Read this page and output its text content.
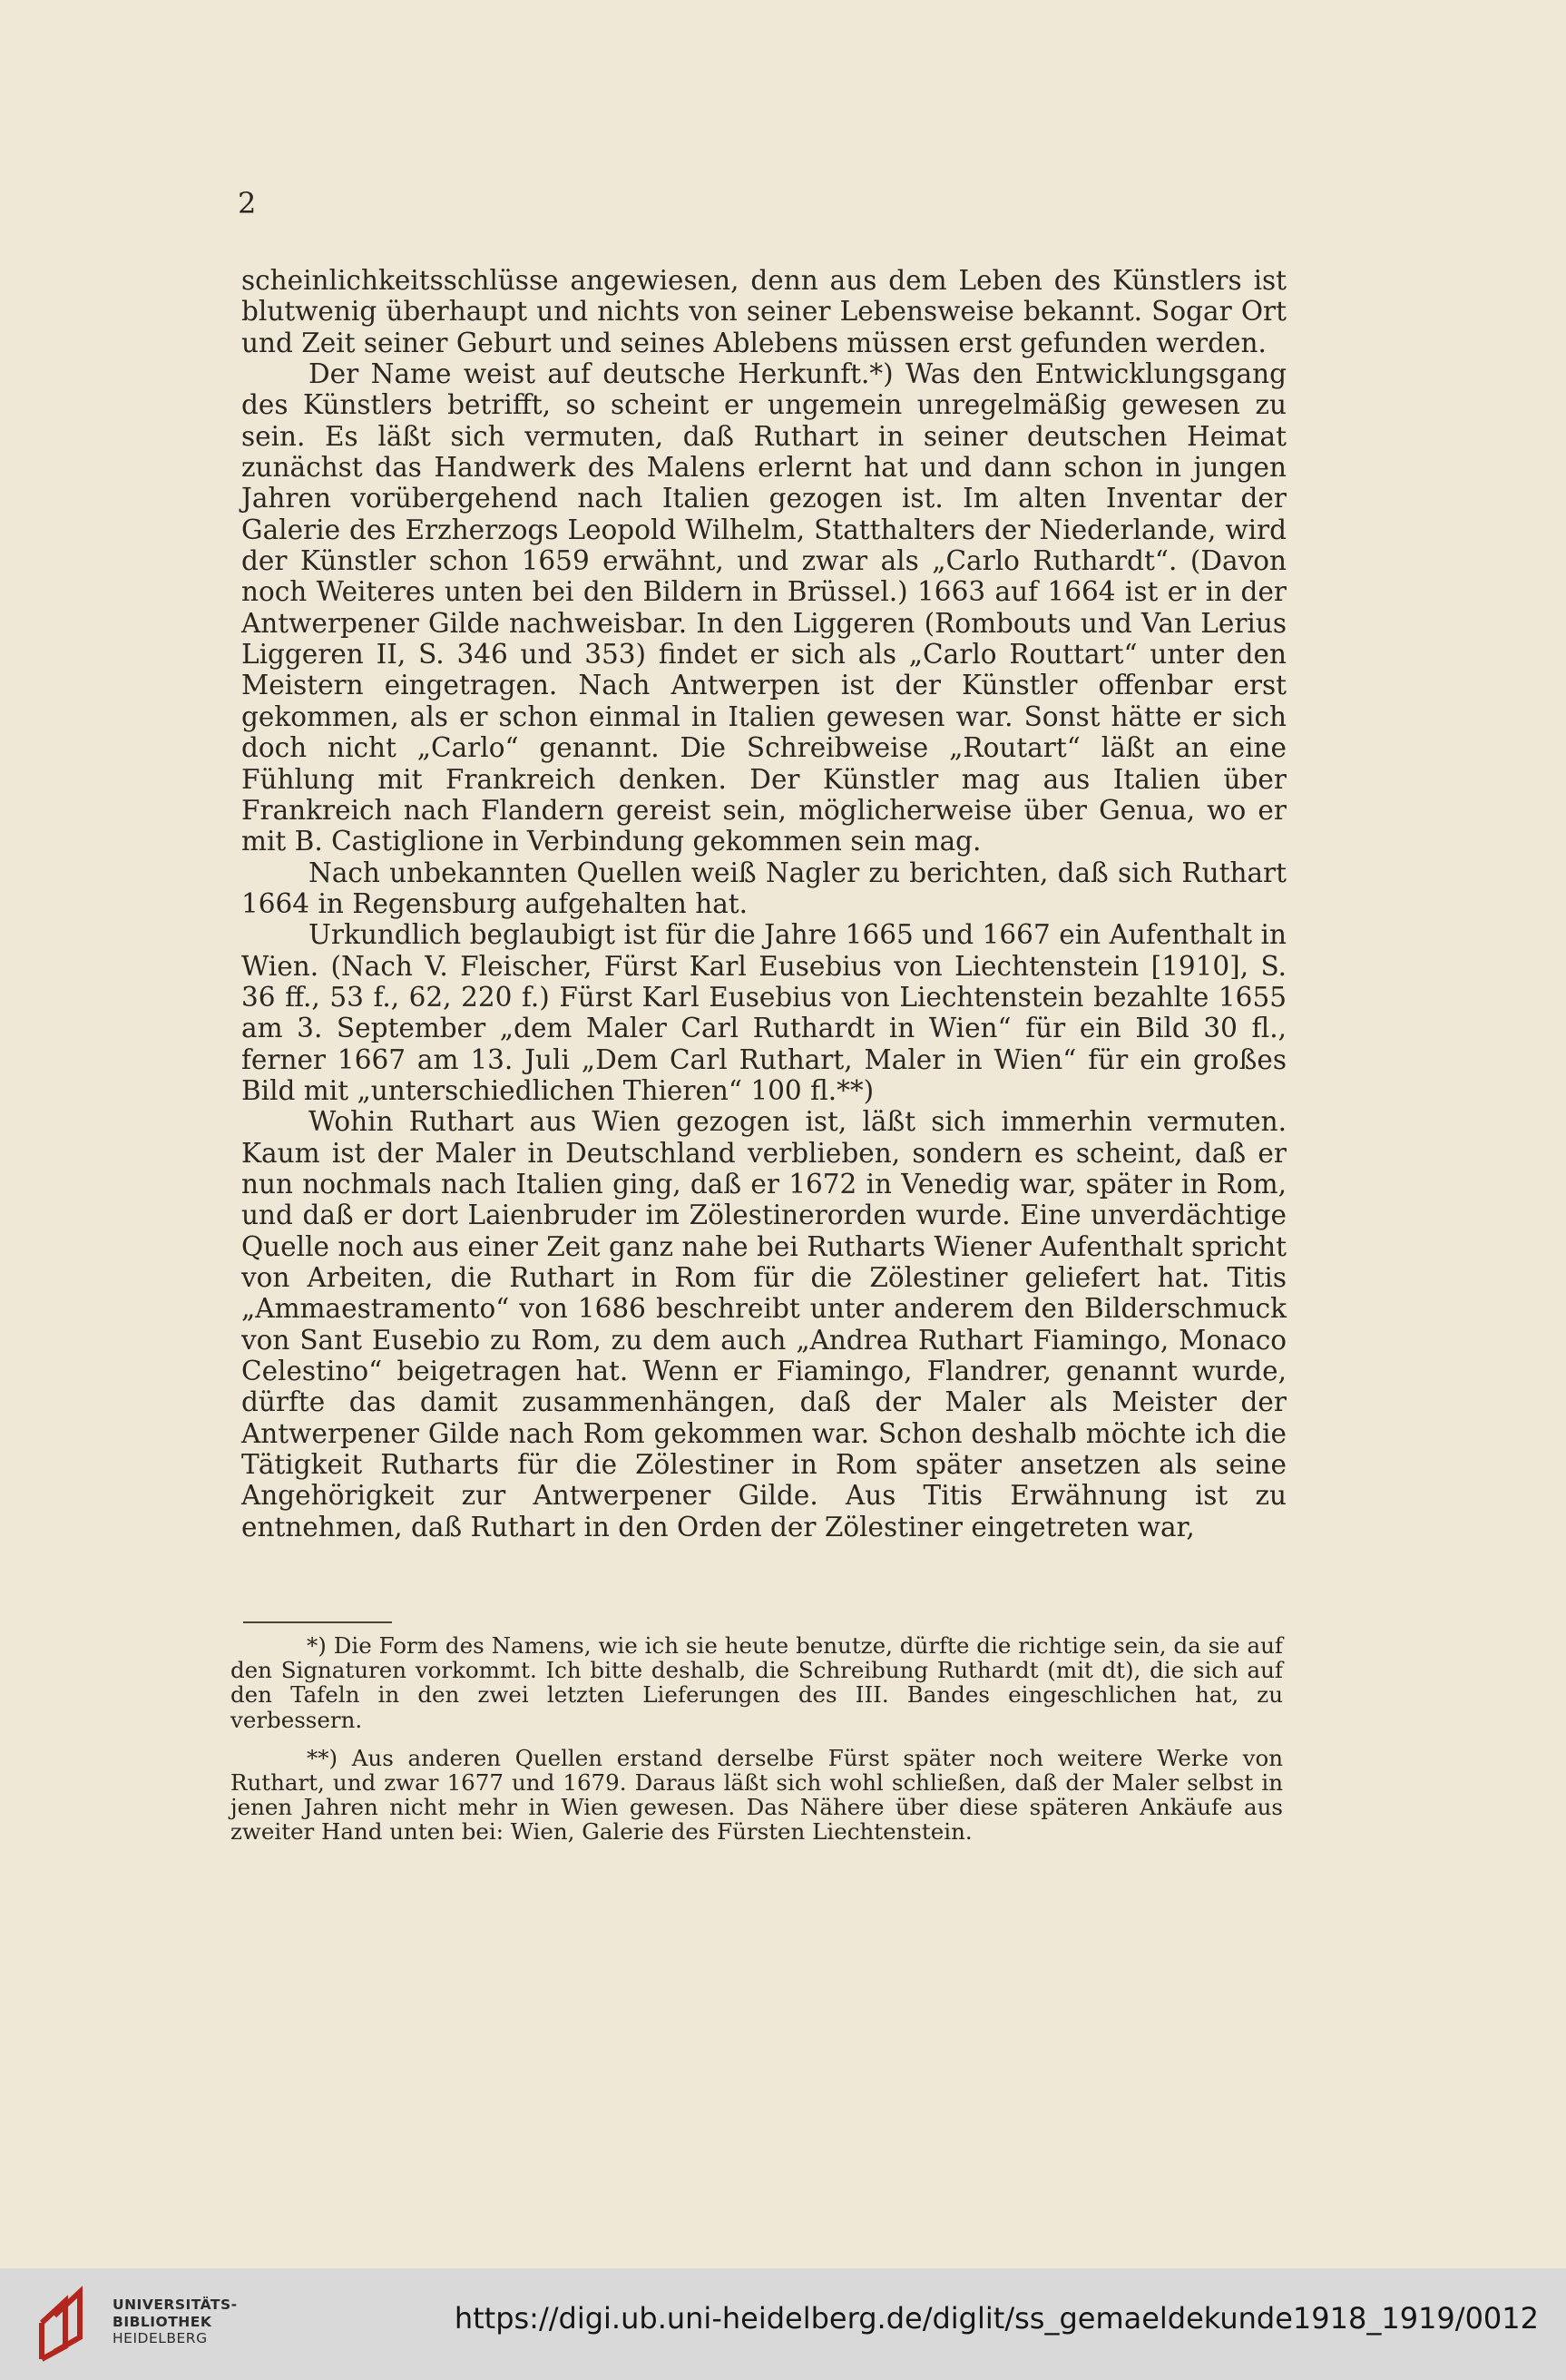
2

scheinlichkeitsschlüsse angewiesen, denn aus dem Leben des Künstlers ist blutwenig überhaupt und nichts von seiner Lebensweise bekannt. Sogar Ort und Zeit seiner Geburt und seines Ablebens müssen erst gefunden werden.

Der Name weist auf deutsche Herkunft.*) Was den Entwicklungsgang des Künstlers betrifft, so scheint er ungemein unregelmäßig gewesen zu sein. Es läßt sich vermuten, daß Ruthart in seiner deutschen Heimat zunächst das Handwerk des Malens erlernt hat und dann schon in jungen Jahren vorübergehend nach Italien gezogen ist. Im alten Inventar der Galerie des Erzherzogs Leopold Wilhelm, Statthalters der Niederlande, wird der Künstler schon 1659 erwähnt, und zwar als „Carlo Ruthardt“. (Davon noch Weiteres unten bei den Bildern in Brüssel.) 1663 auf 1664 ist er in der Antwerpener Gilde nachweisbar. In den Liggeren (Rombouts und Van Lerius Liggeren II, S. 346 und 353) findet er sich als „Carlo Routtart“ unter den Meistern eingetragen. Nach Antwerpen ist der Künstler offenbar erst gekommen, als er schon einmal in Italien gewesen war. Sonst hätte er sich doch nicht „Carlo“ genannt. Die Schreibweise „Routart“ läßt an eine Fühlung mit Frankreich denken. Der Künstler mag aus Italien über Frankreich nach Flandern gereist sein, möglicherweise über Genua, wo er mit B. Castiglione in Verbindung gekommen sein mag.

Nach unbekannten Quellen weiß Nagler zu berichten, daß sich Ruthart 1664 in Regensburg aufgehalten hat.

Urkundlich beglaubigt ist für die Jahre 1665 und 1667 ein Aufenthalt in Wien. (Nach V. Fleischer, Fürst Karl Eusebius von Liechtenstein [1910], S. 36 ff., 53 f., 62, 220 f.) Fürst Karl Eusebius von Liechtenstein bezahlte 1655 am 3. September „dem Maler Carl Ruthardt in Wien“ für ein Bild 30 fl., ferner 1667 am 13. Juli „Dem Carl Ruthart, Maler in Wien“ für ein großes Bild mit „unterschiedlichen Thieren“ 100 fl.**)

Wohin Ruthart aus Wien gezogen ist, läßt sich immerhin vermuten. Kaum ist der Maler in Deutschland verblieben, sondern es scheint, daß er nun nochmals nach Italien ging, daß er 1672 in Venedig war, später in Rom, und daß er dort Laienbruder im Zölestinerorden wurde. Eine unverdächtige Quelle noch aus einer Zeit ganz nahe bei Rutharts Wiener Aufenthalt spricht von Arbeiten, die Ruthart in Rom für die Zölestiner geliefert hat. Titis „Ammaestramento“ von 1686 beschreibt unter anderem den Bilderschmuck von Sant Eusebio zu Rom, zu dem auch „Andrea Ruthart Fiamingo, Monaco Celestino“ beigetragen hat. Wenn er Fiamingo, Flandrer, genannt wurde, dürfte das damit zusammenhängen, daß der Maler als Meister der Antwerpener Gilde nach Rom gekommen war. Schon deshalb möchte ich die Tätigkeit Rutharts für die Zölestiner in Rom später ansetzen als seine Angehörigkeit zur Antwerpener Gilde. Aus Titis Erwähnung ist zu entnehmen, daß Ruthart in den Orden der Zölestiner eingetreten war,

*) Die Form des Namens, wie ich sie heute benutze, dürfte die richtige sein, da sie auf den Signaturen vorkommt. Ich bitte deshalb, die Schreibung Ruthardt (mit dt), die sich auf den Tafeln in den zwei letzten Lieferungen des III. Bandes eingeschlichen hat, zu verbessern.

**) Aus anderen Quellen erstand derselbe Fürst später noch weitere Werke von Ruthart, und zwar 1677 und 1679. Daraus läßt sich wohl schließen, daß der Maler selbst in jenen Jahren nicht mehr in Wien gewesen. Das Nähere über diese späteren Ankäufe aus zweiter Hand unten bei: Wien, Galerie des Fürsten Liechtenstein.

UNIVERSITÄTS-
BIBLIOTHEK
HEIDELBERG
https://digi.ub.uni-heidelberg.de/diglit/ss_gemaeldekunde1918_1919/0012
